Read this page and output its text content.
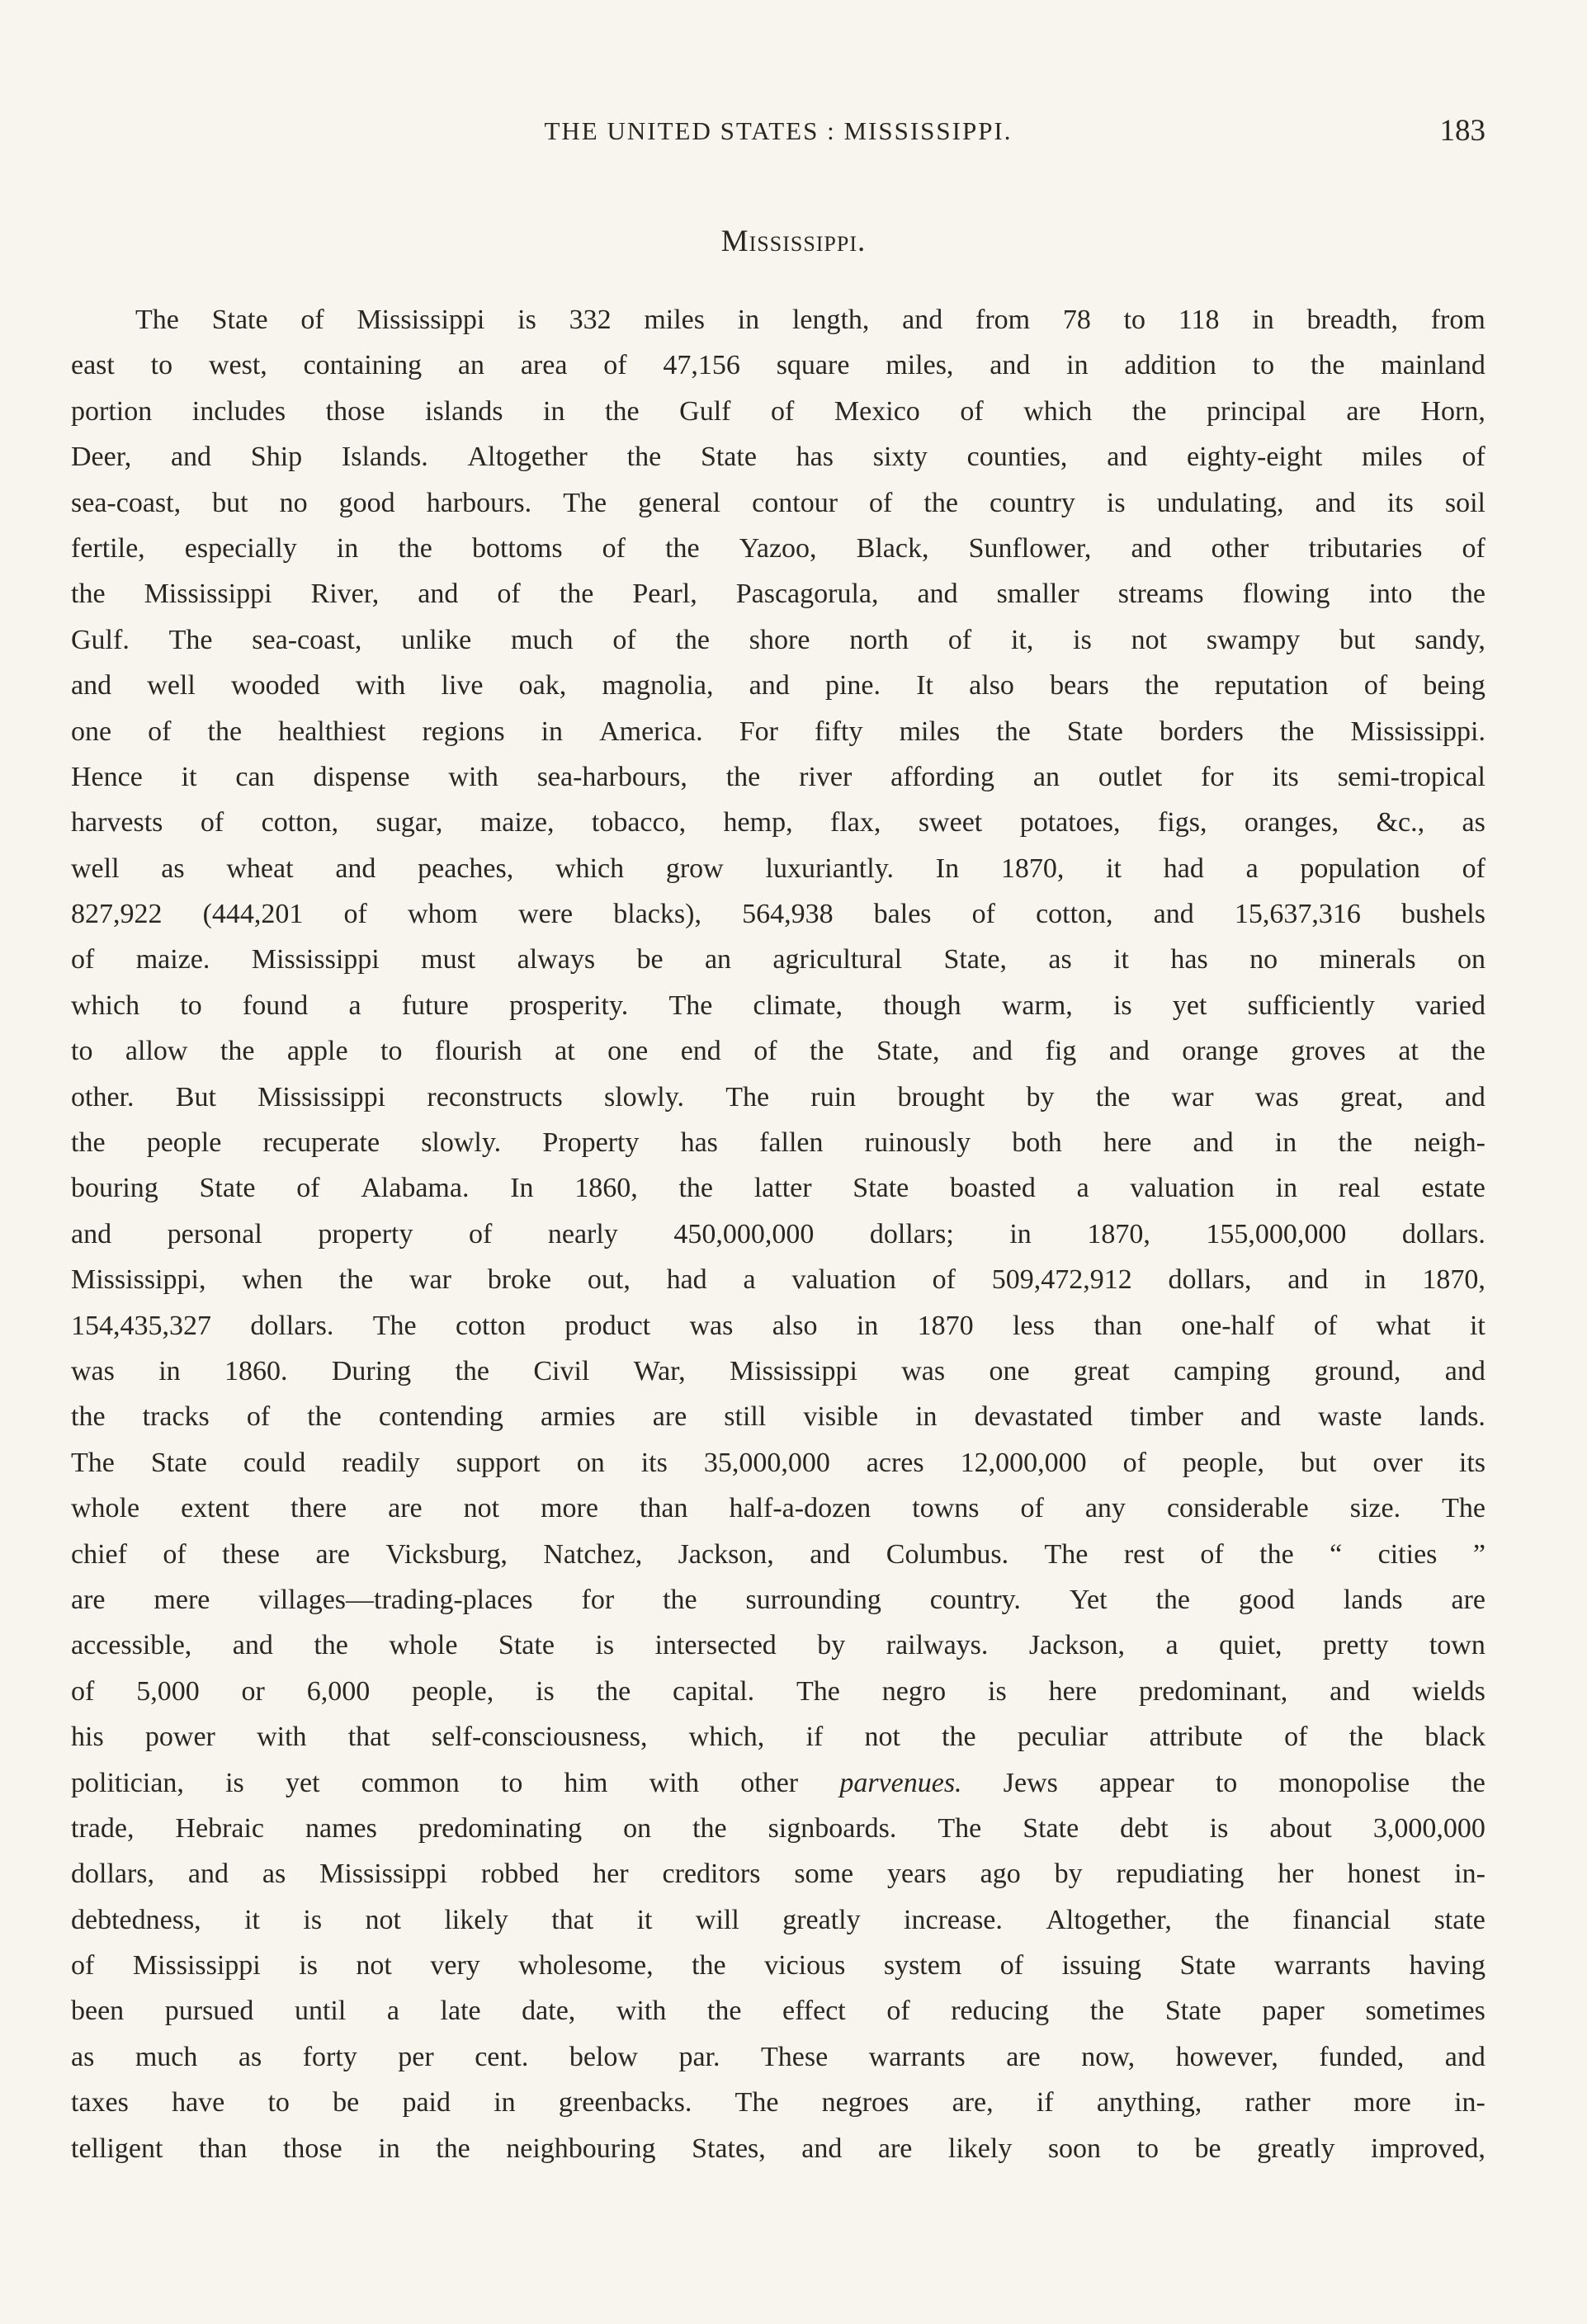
THE UNITED STATES : MISSISSIPPI.	183
Mississippi.
The State of Mississippi is 332 miles in length, and from 78 to 118 in breadth, from
east to west, containing an area of 47,156 square miles, and in addition to the mainland
portion includes those islands in the Gulf of Mexico of which the principal are Horn,
Deer, and Ship Islands. Altogether the State has sixty counties, and eighty-eight miles of
sea-coast, but no good harbours. The general contour of the country is undulating, and its soil
fertile, especially in the bottoms of the Yazoo, Black, Sunflower, and other tributaries of
the Mississippi River, and of the Pearl, Pascagorula, and smaller streams flowing into the
Gulf. The sea-coast, unlike much of the shore north of it, is not swampy but sandy,
and well wooded with live oak, magnolia, and pine. It also bears the reputation of being
one of the healthiest regions in America. For fifty miles the State borders the Mississippi.
Hence it can dispense with sea-harbours, the river affording an outlet for its semi-tropical
harvests of cotton, sugar, maize, tobacco, hemp, flax, sweet potatoes, figs, oranges, &c., as
well as wheat and peaches, which grow luxuriantly. In 1870, it had a population of
827,922 (444,201 of whom were blacks), 564,938 bales of cotton, and 15,637,316 bushels
of maize. Mississippi must always be an agricultural State, as it has no minerals on
which to found a future prosperity. The climate, though warm, is yet sufficiently varied
to allow the apple to flourish at one end of the State, and fig and orange groves at the
other. But Mississippi reconstructs slowly. The ruin brought by the war was great, and
the people recuperate slowly. Property has fallen ruinously both here and in the neigh-
bouring State of Alabama. In 1860, the latter State boasted a valuation in real estate
and personal property of nearly 450,000,000 dollars; in 1870, 155,000,000 dollars.
Mississippi, when the war broke out, had a valuation of 509,472,912 dollars, and in 1870,
154,435,327 dollars. The cotton product was also in 1870 less than one-half of what it
was in 1860. During the Civil War, Mississippi was one great camping ground, and
the tracks of the contending armies are still visible in devastated timber and waste lands.
The State could readily support on its 35,000,000 acres 12,000,000 of people, but over its
whole extent there are not more than half-a-dozen towns of any considerable size. The
chief of these are Vicksburg, Natchez, Jackson, and Columbus. The rest of the “ cities ”
are mere villages—trading-places for the surrounding country. Yet the good lands are
accessible, and the whole State is intersected by railways. Jackson, a quiet, pretty town
of 5,000 or 6,000 people, is the capital. The negro is here predominant, and wields
his power with that self-consciousness, which, if not the peculiar attribute of the black
politician, is yet common to him with other parvenues. Jews appear to monopolise the
trade, Hebraic names predominating on the signboards. The State debt is about 3,000,000
dollars, and as Mississippi robbed her creditors some years ago by repudiating her honest in-
debtedness, it is not likely that it will greatly increase. Altogether, the financial state
of Mississippi is not very wholesome, the vicious system of issuing State warrants having
been pursued until a late date, with the effect of reducing the State paper sometimes
as much as forty per cent. below par. These warrants are now, however, funded, and
taxes have to be paid in greenbacks. The negroes are, if anything, rather more in-
telligent than those in the neighbouring States, and are likely soon to be greatly improved,
